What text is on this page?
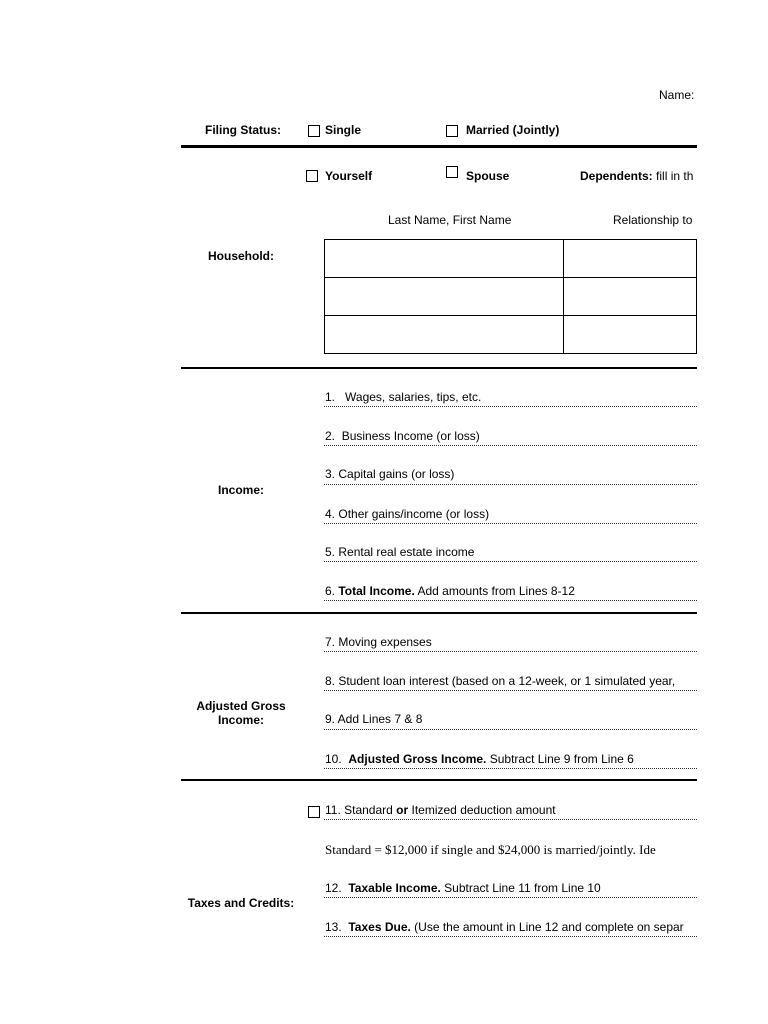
Name:
Filing Status:	Single	Married (Jointly)
Yourself	Spouse	Dependents: fill in th
Last Name, First Name	Relationship to
Household:

Income:
1. Wages, salaries, tips, etc.
2. Business Income (or loss)
3. Capital gains (or loss)
4. Other gains/income (or loss)
5. Rental real estate income
6. Total Income. Add amounts from Lines 8-12
Adjusted Gross Income:
7. Moving expenses
8. Student loan interest (based on a 12-week, or 1 simulated year,
9. Add Lines 7 & 8
10. Adjusted Gross Income. Subtract Line 9 from Line 6
Taxes and Credits:
11. Standard or Itemized deduction amount
Standard = $12,000 if single and $24,000 is married/jointly. Ide
12. Taxable Income. Subtract Line 11 from Line 10
13. Taxes Due. (Use the amount in Line 12 and complete on separ
